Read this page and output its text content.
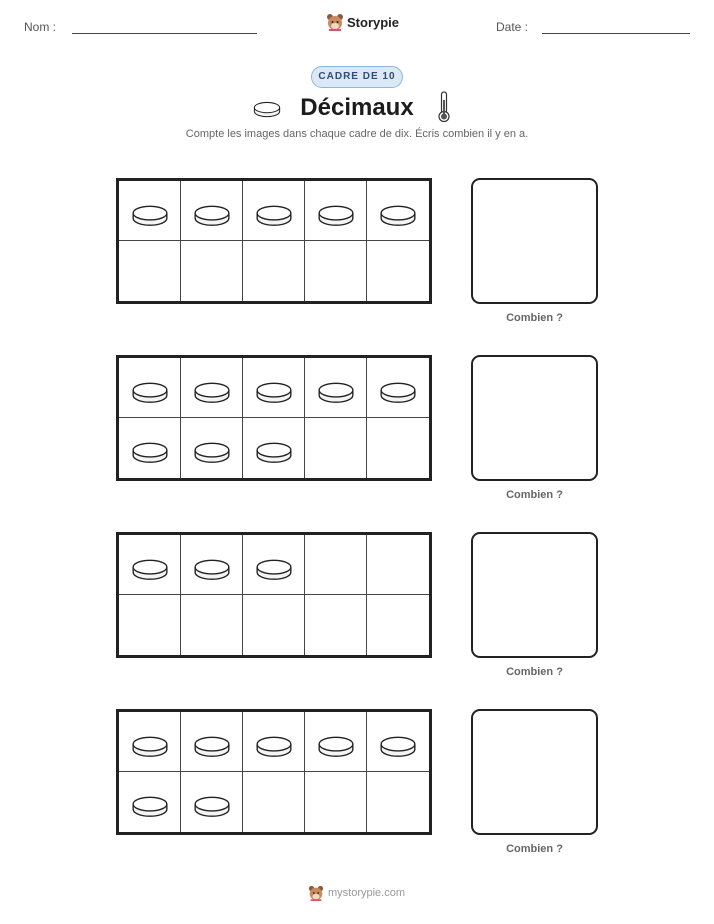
Nom :	Storypie	Date :
CADRE DE 10
Décimaux
Compte les images dans chaque cadre de dix. Écris combien il y en a.
Combien ?
Combien ?
Combien ?
Combien ?
mystorypie.com
